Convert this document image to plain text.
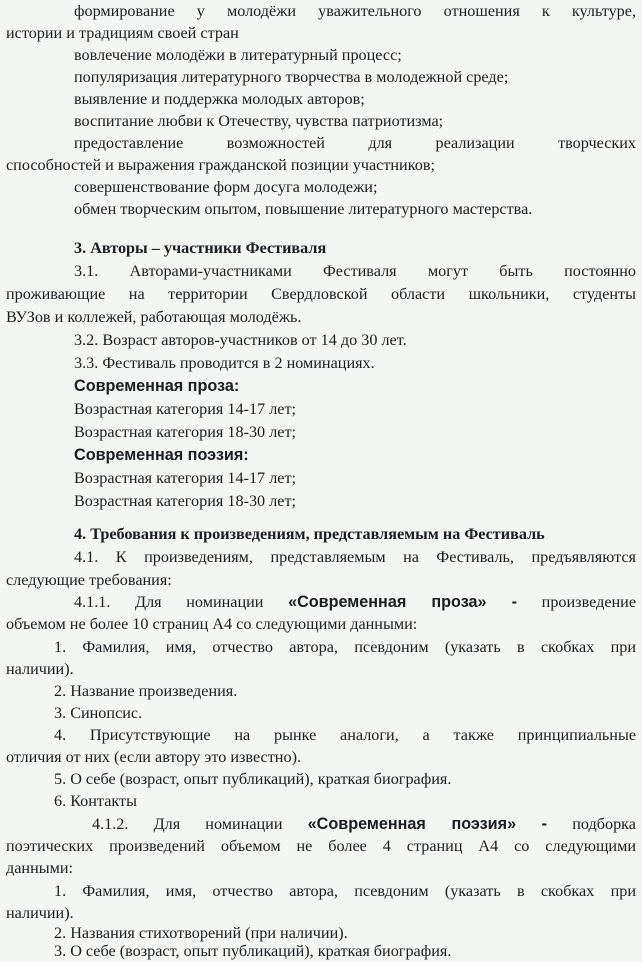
формирование у молодёжи уважительного отношения к культуре,
истории и традициям своей стран
вовлечение молодёжи в литературный процесс;
популяризация литературного творчества в молодежной среде;
выявление и поддержка молодых авторов;
воспитание любви к Отечеству, чувства патриотизма;
предоставление возможностей для реализации творческих
способностей и выражения гражданской позиции участников;
совершенствование форм досуга молодежи;
обмен творческим опытом, повышение литературного мастерства.
3. Авторы – участники Фестиваля
3.1. Авторами-участниками Фестиваля могут быть постоянно
проживающие на территории Свердловской области школьники, студенты
ВУЗов и коллежей, работающая молодёжь.
3.2. Возраст авторов-участников от 14 до 30 лет.
3.3. Фестиваль проводится в 2 номинациях.
Современная проза:
Возрастная категория 14-17 лет;
Возрастная категория 18-30 лет;
Современная поэзия:
Возрастная категория 14-17 лет;
Возрастная категория 18-30 лет;
4. Требования к произведениям, представляемым на Фестиваль
4.1. К произведениям, представляемым на Фестиваль, предъявляются
следующие требования:
4.1.1. Для номинации «Современная проза» - произведение
объемом не более 10 страниц А4 со следующими данными:
1. Фамилия, имя, отчество автора, псевдоним (указать в скобках при
наличии).
2. Название произведения.
3. Синопсис.
4. Присутствующие на рынке аналоги, а также принципиальные
отличия от них (если автору это известно).
5. О себе (возраст, опыт публикаций), краткая биография.
6. Контакты
4.1.2. Для номинации «Современная поэзия» - подборка
поэтических произведений объемом не более 4 страниц А4 со следующими
данными:
1. Фамилия, имя, отчество автора, псевдоним (указать в скобках при
наличии).
2. Названия стихотворений (при наличии).
3. О себе (возраст, опыт публикаций), краткая биография.
